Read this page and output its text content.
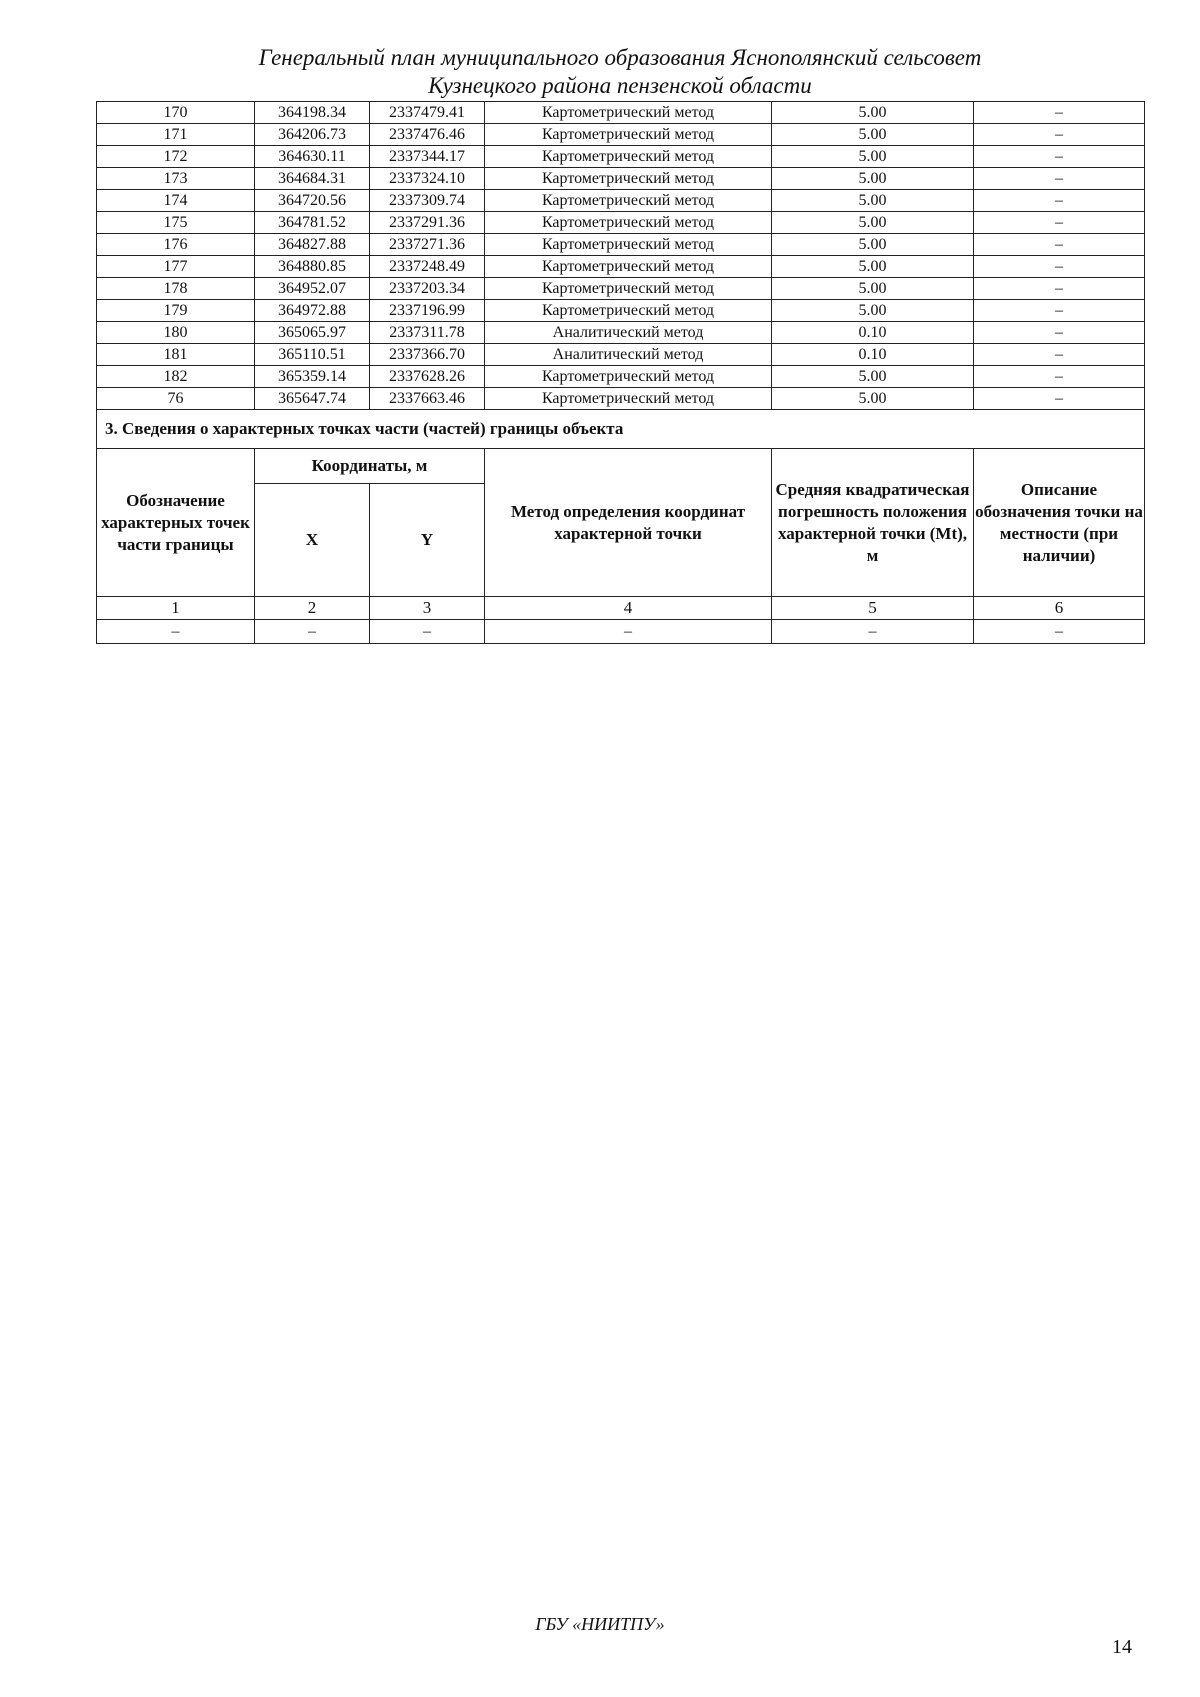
Генеральный план муниципального образования Яснополянский сельсовет
Кузнецкого района пензенской области
170	364198.34	2337479.41	Картометрический метод	5.00	–
171	364206.73	2337476.46	Картометрический метод	5.00	–
172	364630.11	2337344.17	Картометрический метод	5.00	–
173	364684.31	2337324.10	Картометрический метод	5.00	–
174	364720.56	2337309.74	Картометрический метод	5.00	–
175	364781.52	2337291.36	Картометрический метод	5.00	–
176	364827.88	2337271.36	Картометрический метод	5.00	–
177	364880.85	2337248.49	Картометрический метод	5.00	–
178	364952.07	2337203.34	Картометрический метод	5.00	–
179	364972.88	2337196.99	Картометрический метод	5.00	–
180	365065.97	2337311.78	Аналитический метод	0.10	–
181	365110.51	2337366.70	Аналитический метод	0.10	–
182	365359.14	2337628.26	Картометрический метод	5.00	–
76	365647.74	2337663.46	Картометрический метод	5.00	–
3. Сведения о характерных точках части (частей) границы объекта					
Обозначение характерных точек части границы	Координаты, м		Метод определения координат характерной точки	Средняя квадратическая погрешность положения характерной точки (Mt), м	Описание обозначения точки на местности (при наличии)
	X	Y			
1	2	3	4	5	6
–	–	–	–	–	–
ГБУ «НИИТПУ»
14
